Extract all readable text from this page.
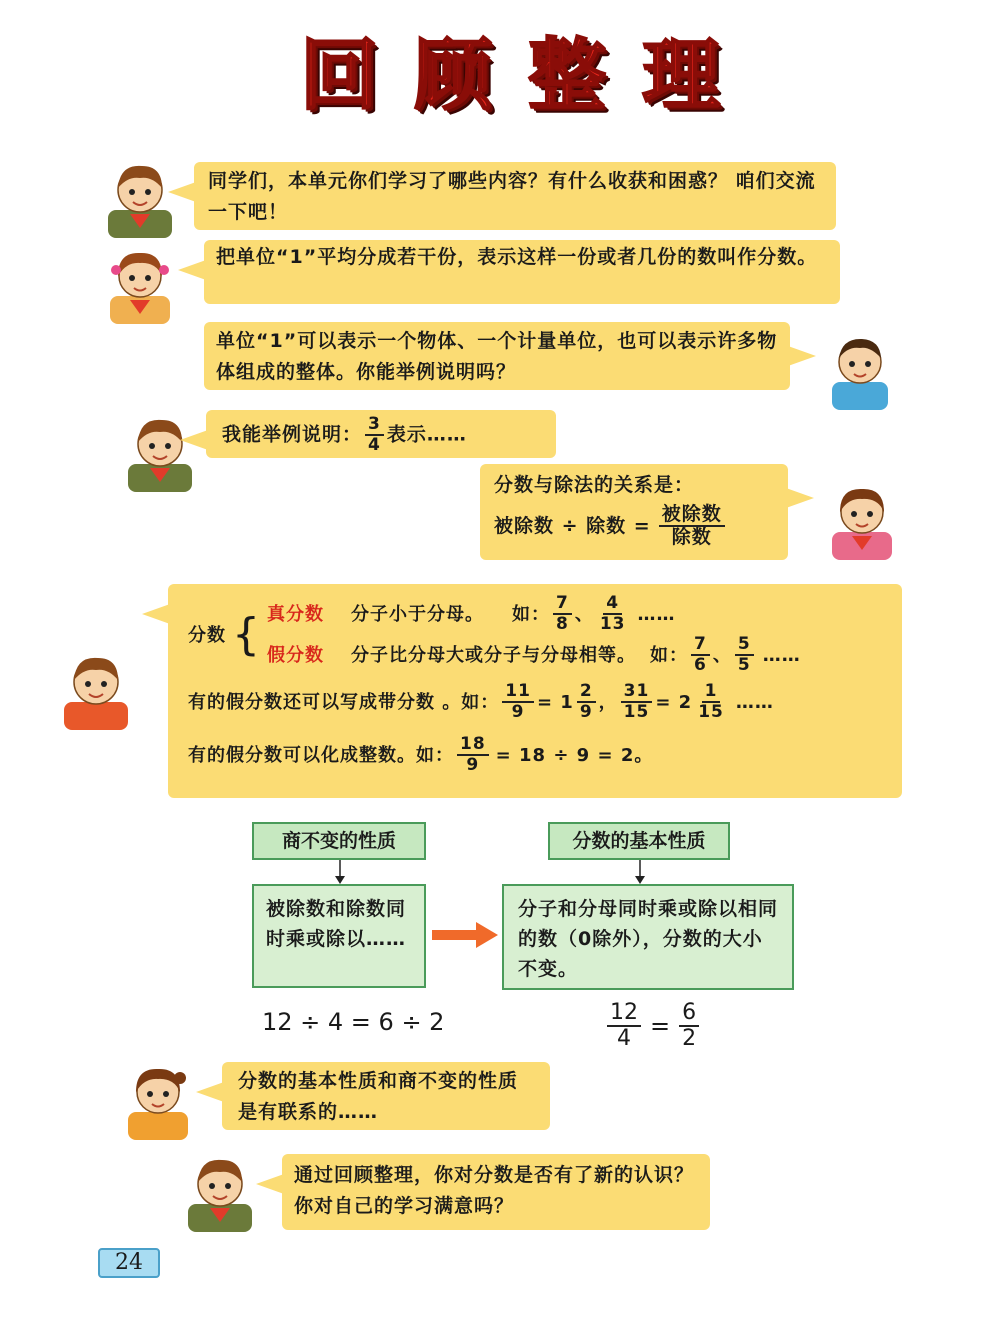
回 顾 整 理
同学们，本单元你们学习了哪些内容？有什么收获和困惑？ 咱们交流一下吧！
把单位“1”平均分成若干份，表示这样一份或者几份的数叫作分数。
单位“1”可以表示一个物体、一个计量单位，也可以表示许多物体组成的整体。你能举例说明吗？
我能举例说明： $\frac{3}{4}$ 表示……
分数与除法的关系是：
被除数 ÷ 除数 = $\frac{\text{被除数}}{\text{除数}}$
分数 { 真分数	分子小于分母。 如： $\frac{7}{8}$ 、 $\frac{4}{13}$ ……
假分数	分子比分母大或分子与分母相等。 如： $\frac{7}{6}$ 、 $\frac{5}{5}$ ……
有的假分数还可以写成带分数 。如： $\frac{11}{9} = 1 \frac{2}{9}$ ， $\frac{31}{15} = 2 \frac{1}{15}$ ……
有的假分数可以化成整数。如： $\frac{18}{9} = 18 \div 9 = 2$。
商不变的性质
被除数和除数同时乘或除以……
分数的基本性质
分子和分母同时乘或除以相同的数（0除外），分数的大小不变。
12 ÷ 4 = 6 ÷ 2	$\frac{12}{4} = \frac{6}{2}$
分数的基本性质和商不变的性质是有联系的……
通过回顾整理，你对分数是否有了新的认识？你对自己的学习满意吗？
24
